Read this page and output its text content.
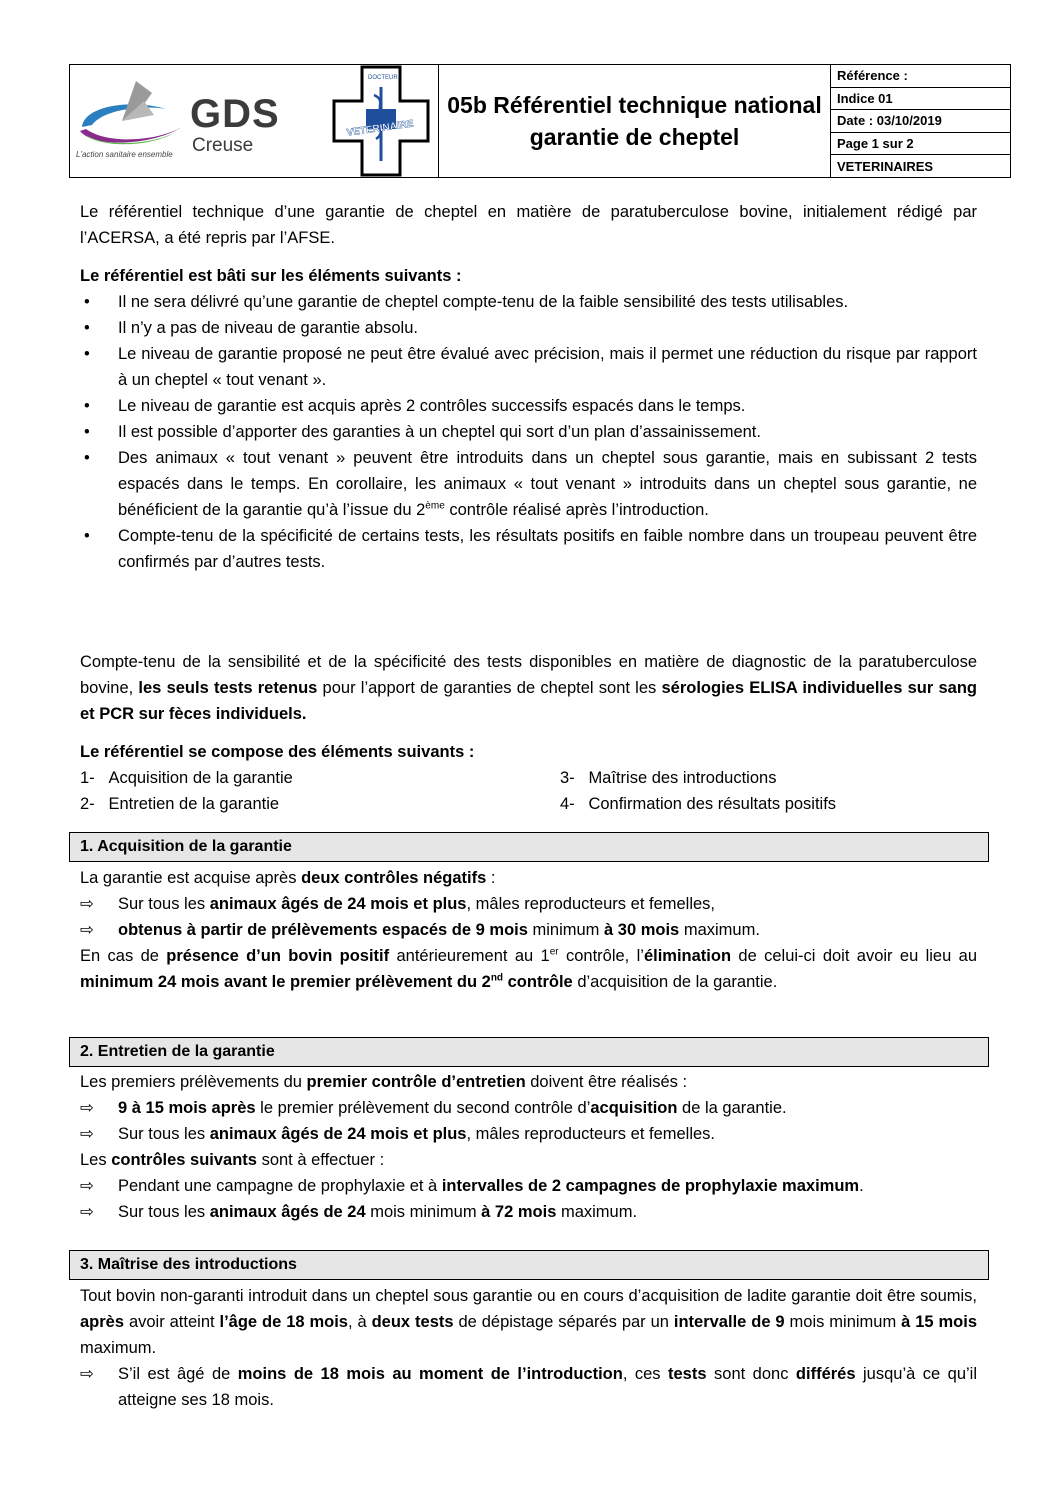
GDS
Creuse
L'action sanitaire ensemble
VETERINAIRE
DOCTEUR
05b Référentiel technique national garantie de cheptel
Référence :
Indice 01
Date : 03/10/2019
Page 1 sur 2
VETERINAIRES
Le référentiel technique d’une garantie de cheptel en matière de paratuberculose bovine, initialement rédigé par l’ACERSA, a été repris par l’AFSE.
Le référentiel est bâti sur les éléments suivants :
• Il ne sera délivré qu’une garantie de cheptel compte-tenu de la faible sensibilité des tests utilisables.
• Il n’y a pas de niveau de garantie absolu.
• Le niveau de garantie proposé ne peut être évalué avec précision, mais il permet une réduction du risque par rapport à un cheptel « tout venant ».
• Le niveau de garantie est acquis après 2 contrôles successifs espacés dans le temps.
• Il est possible d’apporter des garanties à un cheptel qui sort d’un plan d’assainissement.
• Des animaux « tout venant » peuvent être introduits dans un cheptel sous garantie, mais en subissant 2 tests espacés dans le temps. En corollaire, les animaux « tout venant » introduits dans un cheptel sous garantie, ne bénéficient de la garantie qu’à l’issue du 2ème contrôle réalisé après l’introduction.
• Compte-tenu de la spécificité de certains tests, les résultats positifs en faible nombre dans un troupeau peuvent être confirmés par d’autres tests.
Compte-tenu de la sensibilité et de la spécificité des tests disponibles en matière de diagnostic de la paratuberculose bovine, les seuls tests retenus pour l’apport de garanties de cheptel sont les sérologies ELISA individuelles sur sang et PCR sur fèces individuels.
Le référentiel se compose des éléments suivants :
1- Acquisition de la garantie
2- Entretien de la garantie
3- Maîtrise des introductions
4- Confirmation des résultats positifs
1. Acquisition de la garantie
La garantie est acquise après deux contrôles négatifs :
⇨ Sur tous les animaux âgés de 24 mois et plus, mâles reproducteurs et femelles,
⇨ obtenus à partir de prélèvements espacés de 9 mois minimum à 30 mois maximum.
En cas de présence d’un bovin positif antérieurement au 1er contrôle, l’élimination de celui-ci doit avoir eu lieu au minimum 24 mois avant le premier prélèvement du 2nd contrôle d’acquisition de la garantie.
2. Entretien de la garantie
Les premiers prélèvements du premier contrôle d’entretien doivent être réalisés :
⇨ 9 à 15 mois après le premier prélèvement du second contrôle d’acquisition de la garantie.
⇨ Sur tous les animaux âgés de 24 mois et plus, mâles reproducteurs et femelles.
Les contrôles suivants sont à effectuer :
⇨ Pendant une campagne de prophylaxie et à intervalles de 2 campagnes de prophylaxie maximum.
⇨ Sur tous les animaux âgés de 24 mois minimum à 72 mois maximum.
3. Maîtrise des introductions
Tout bovin non-garanti introduit dans un cheptel sous garantie ou en cours d’acquisition de ladite garantie doit être soumis, après avoir atteint l’âge de 18 mois, à deux tests de dépistage séparés par un intervalle de 9 mois minimum à 15 mois maximum.
⇨ S’il est âgé de moins de 18 mois au moment de l’introduction, ces tests sont donc différés jusqu’à ce qu’il atteigne ses 18 mois.
